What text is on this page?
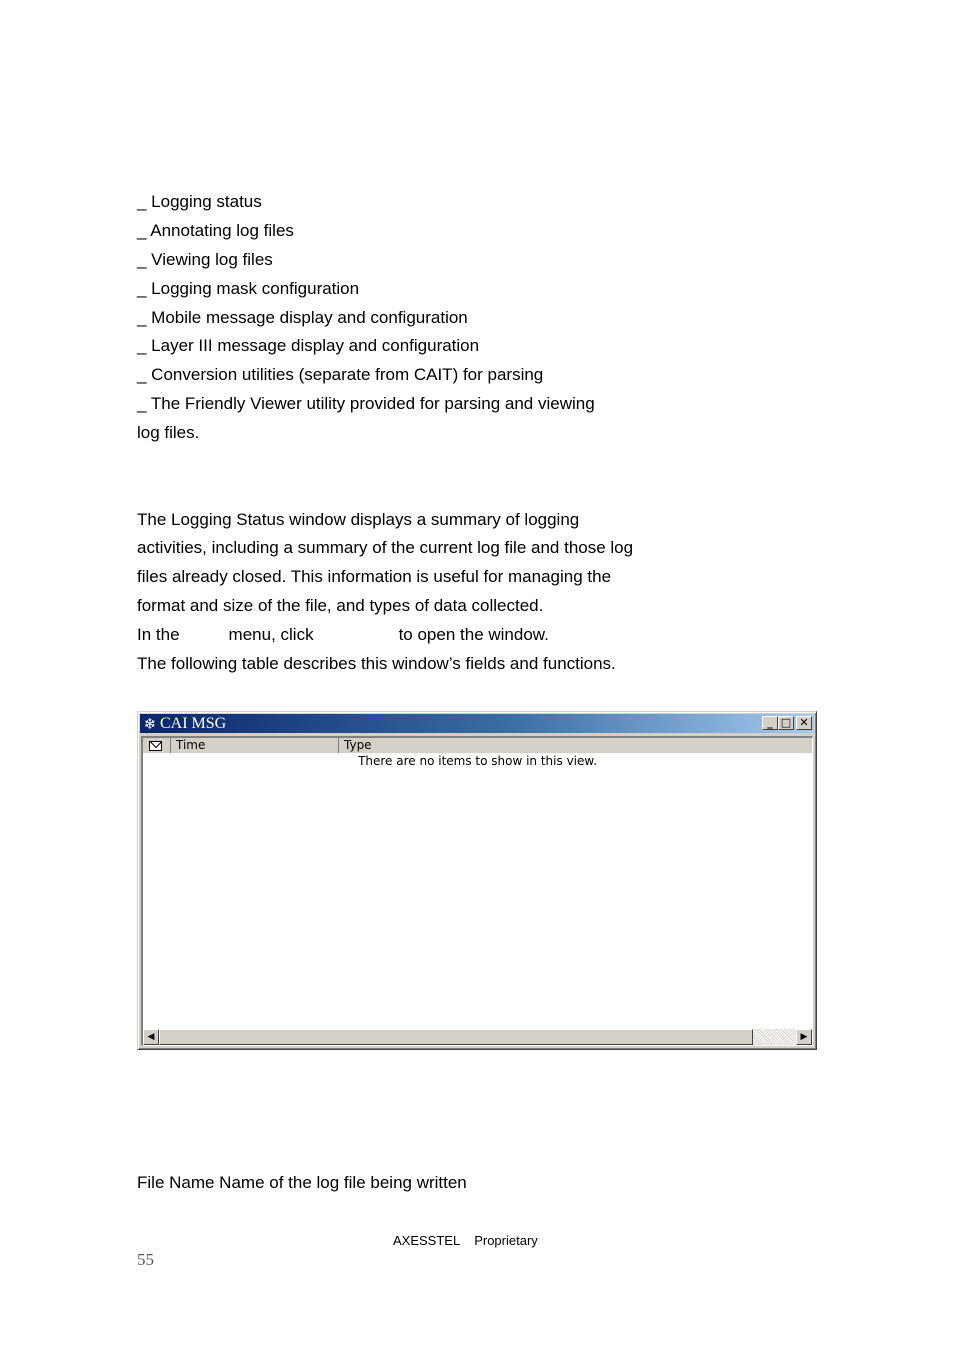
_ Logging status
_ Annotating log files
_ Viewing log files
_ Logging mask configuration
_ Mobile message display and configuration
_ Layer III message display and configuration
_ Conversion utilities (separate from CAIT) for parsing
_ The Friendly Viewer utility provided for parsing and viewing
log files.
The Logging Status window displays a summary of logging
activities, including a summary of the current log file and those log
files already closed. This information is useful for managing the
format and size of the file, and types of data collected.
In the	menu, click	to open the window.
The following table describes this window’s fields and functions.
❄ CAI MSG	_ □ ✕
Time	Type
There are no items to show in this view.
◀	▶
File Name Name of the log file being written
AXESSTEL Proprietary
55
